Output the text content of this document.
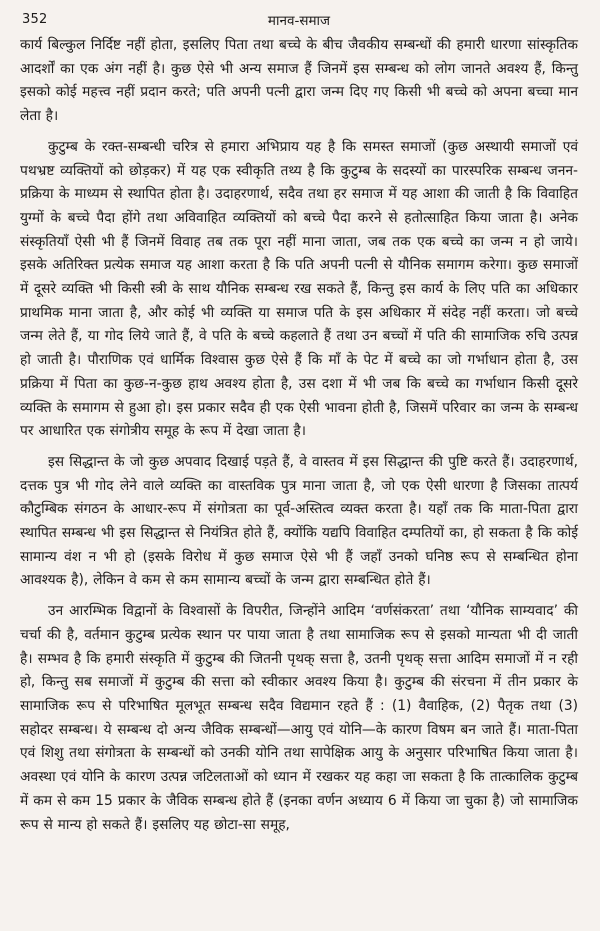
352	मानव-समाज

कार्य बिल्कुल निर्दिष्ट नहीं होता, इसलिए पिता तथा बच्चे के बीच जैवकीय सम्बन्धों की हमारी धारणा सांस्कृतिक आदर्शों का एक अंग नहीं है। कुछ ऐसे भी अन्य समाज हैं जिनमें इस सम्बन्ध को लोग जानते अवश्य हैं, किन्तु इसको कोई महत्त्व नहीं प्रदान करते; पति अपनी पत्नी द्वारा जन्म दिए गए किसी भी बच्चे को अपना बच्चा मान लेता है।

कुटुम्ब के रक्त-सम्बन्धी चरित्र से हमारा अभिप्राय यह है कि समस्त समाजों (कुछ अस्थायी समाजों एवं पथभ्रष्ट व्यक्तियों को छोड़कर) में यह एक स्वीकृति तथ्य है कि कुटुम्ब के सदस्यों का पारस्परिक सम्बन्ध जनन-प्रक्रिया के माध्यम से स्थापित होता है। उदाहरणार्थ, सदैव तथा हर समाज में यह आशा की जाती है कि विवाहित युग्मों के बच्चे पैदा होंगे तथा अविवाहित व्यक्तियों को बच्चे पैदा करने से हतोत्साहित किया जाता है। अनेक संस्कृतियाँ ऐसी भी हैं जिनमें विवाह तब तक पूरा नहीं माना जाता, जब तक एक बच्चे का जन्म न हो जाये। इसके अतिरिक्त प्रत्येक समाज यह आशा करता है कि पति अपनी पत्नी से यौनिक समागम करेगा। कुछ समाजों में दूसरे व्यक्ति भी किसी स्त्री के साथ यौनिक सम्बन्ध रख सकते हैं, किन्तु इस कार्य के लिए पति का अधिकार प्राथमिक माना जाता है, और कोई भी व्यक्ति या समाज पति के इस अधिकार में संदेह नहीं करता। जो बच्चे जन्म लेते हैं, या गोद लिये जाते हैं, वे पति के बच्चे कहलाते हैं तथा उन बच्चों में पति की सामाजिक रुचि उत्पन्न हो जाती है। पौराणिक एवं धार्मिक विश्वास कुछ ऐसे हैं कि माँ के पेट में बच्चे का जो गर्भाधान होता है, उस प्रक्रिया में पिता का कुछ-न-कुछ हाथ अवश्य होता है, उस दशा में भी जब कि बच्चे का गर्भाधान किसी दूसरे व्यक्ति के समागम से हुआ हो। इस प्रकार सदैव ही एक ऐसी भावना होती है, जिसमें परिवार का जन्म के सम्बन्ध पर आधारित एक संगोत्रीय समूह के रूप में देखा जाता है।

इस सिद्धान्त के जो कुछ अपवाद दिखाई पड़ते हैं, वे वास्तव में इस सिद्धान्त की पुष्टि करते हैं। उदाहरणार्थ, दत्तक पुत्र भी गोद लेने वाले व्यक्ति का वास्तविक पुत्र माना जाता है, जो एक ऐसी धारणा है जिसका तात्पर्य कौटुम्बिक संगठन के आधार-रूप में संगोत्रता का पूर्व-अस्तित्व व्यक्त करता है। यहाँ तक कि माता-पिता द्वारा स्थापित सम्बन्ध भी इस सिद्धान्त से नियंत्रित होते हैं, क्योंकि यद्यपि विवाहित दम्पतियों का, हो सकता है कि कोई सामान्य वंश न भी हो (इसके विरोध में कुछ समाज ऐसे भी हैं जहाँ उनको घनिष्ठ रूप से सम्बन्धित होना आवश्यक है), लेकिन वे कम से कम सामान्य बच्चों के जन्म द्वारा सम्बन्धित होते हैं।

उन आरम्भिक विद्वानों के विश्वासों के विपरीत, जिन्होंने आदिम ‘वर्णसंकरता’ तथा ‘यौनिक साम्यवाद’ की चर्चा की है, वर्तमान कुटुम्ब प्रत्येक स्थान पर पाया जाता है तथा सामाजिक रूप से इसको मान्यता भी दी जाती है। सम्भव है कि हमारी संस्कृति में कुटुम्ब की जितनी पृथक् सत्ता है, उतनी पृथक् सत्ता आदिम समाजों में न रही हो, किन्तु सब समाजों में कुटुम्ब की सत्ता को स्वीकार अवश्य किया है। कुटुम्ब की संरचना में तीन प्रकार के सामाजिक रूप से परिभाषित मूलभूत सम्बन्ध सदैव विद्यमान रहते हैं : (1) वैवाहिक, (2) पैतृक तथा (3) सहोदर सम्बन्ध। ये सम्बन्ध दो अन्य जैविक सम्बन्धों—आयु एवं योनि—के कारण विषम बन जाते हैं। माता-पिता एवं शिशु तथा संगोत्रता के सम्बन्धों को उनकी योनि तथा सापेक्षिक आयु के अनुसार परिभाषित किया जाता है। अवस्था एवं योनि के कारण उत्पन्न जटिलताओं को ध्यान में रखकर यह कहा जा सकता है कि तात्कालिक कुटुम्ब में कम से कम 15 प्रकार के जैविक सम्बन्ध होते हैं (इनका वर्णन अध्याय 6 में किया जा चुका है) जो सामाजिक रूप से मान्य हो सकते हैं। इसलिए यह छोटा-सा समूह,
